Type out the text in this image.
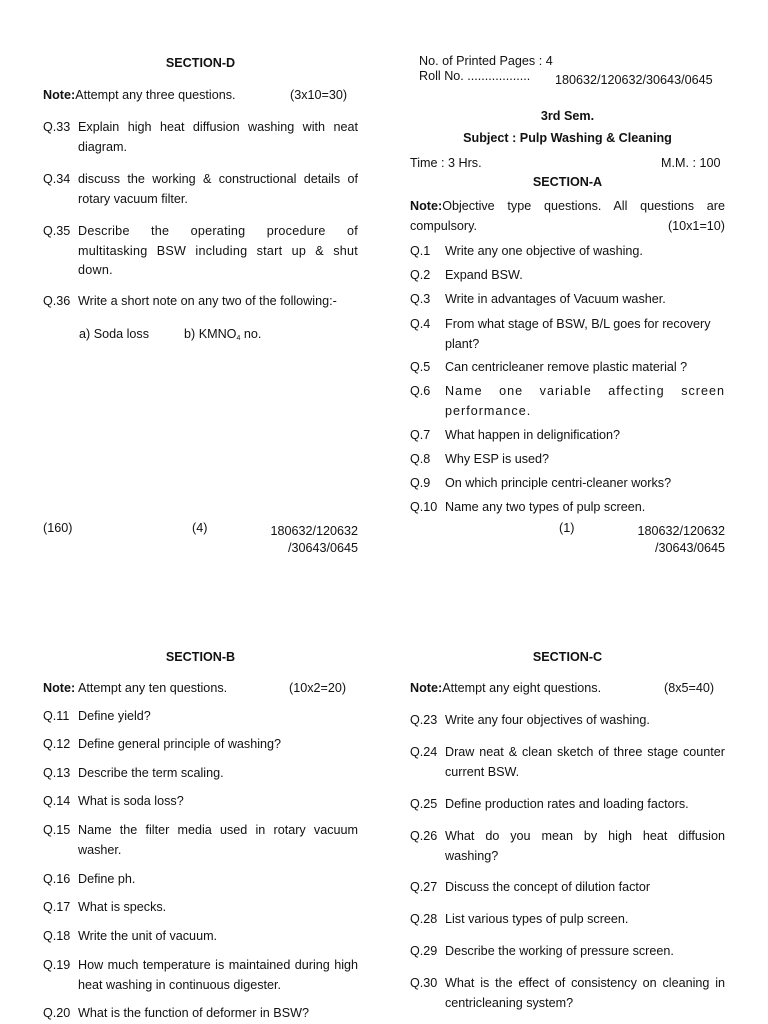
SECTION-D
Note:Attempt any three questions.	(3x10=30)
Q.33 Explain high heat diffusion washing with neat diagram.
Q.34 discuss the working & constructional details of rotary vacuum filter.
Q.35 Describe the operating procedure of multitasking BSW including start up & shut down.
Q.36 Write a short note on any two of the following:-
a) Soda loss	b) $KMNO_4$ no.
(160)	(4)	180632/120632
/30643/0645
No. of Printed Pages : 4
Roll No. .................. 180632/120632/30643/0645
3rd Sem.
Subject : Pulp Washing & Cleaning
Time : 3 Hrs.	M.M. : 100
SECTION-A
Note:Objective type questions. All questions are compulsory.	(10x1=10)
Q.1 Write any one objective of washing.
Q.2 Expand BSW.
Q.3 Write in advantages of Vacuum washer.
Q.4 From what stage of BSW, B/L goes for recovery plant?
Q.5 Can centricleaner remove plastic material ?
Q.6 Name one variable affecting screen performance.
Q.7 What happen in delignification?
Q.8 Why ESP is used?
Q.9 On which principle centri-cleaner works?
Q.10 Name any two types of pulp screen.
(1)	180632/120632
/30643/0645
SECTION-B
Note: Attempt any ten questions.	(10x2=20)
Q.11 Define yield?
Q.12 Define general principle of washing?
Q.13 Describe the term scaling.
Q.14 What is soda loss?
Q.15 Name the filter media used in rotary vacuum washer.
Q.16 Define ph.
Q.17 What is specks.
Q.18 Write the unit of vacuum.
Q.19 How much temperature is maintained during high heat washing in continuous digester.
Q.20 What is the function of deformer in BSW?
SECTION-C
Note:Attempt any eight questions.	(8x5=40)
Q.23 Write any four objectives of washing.
Q.24 Draw neat & clean sketch of three stage counter current BSW.
Q.25 Define production rates and loading factors.
Q.26 What do you mean by high heat diffusion washing?
Q.27 Discuss the concept of dilution factor
Q.28 List various types of pulp screen.
Q.29 Describe the working of pressure screen.
Q.30 What is the effect of consistency on cleaning in centricleaning system?
